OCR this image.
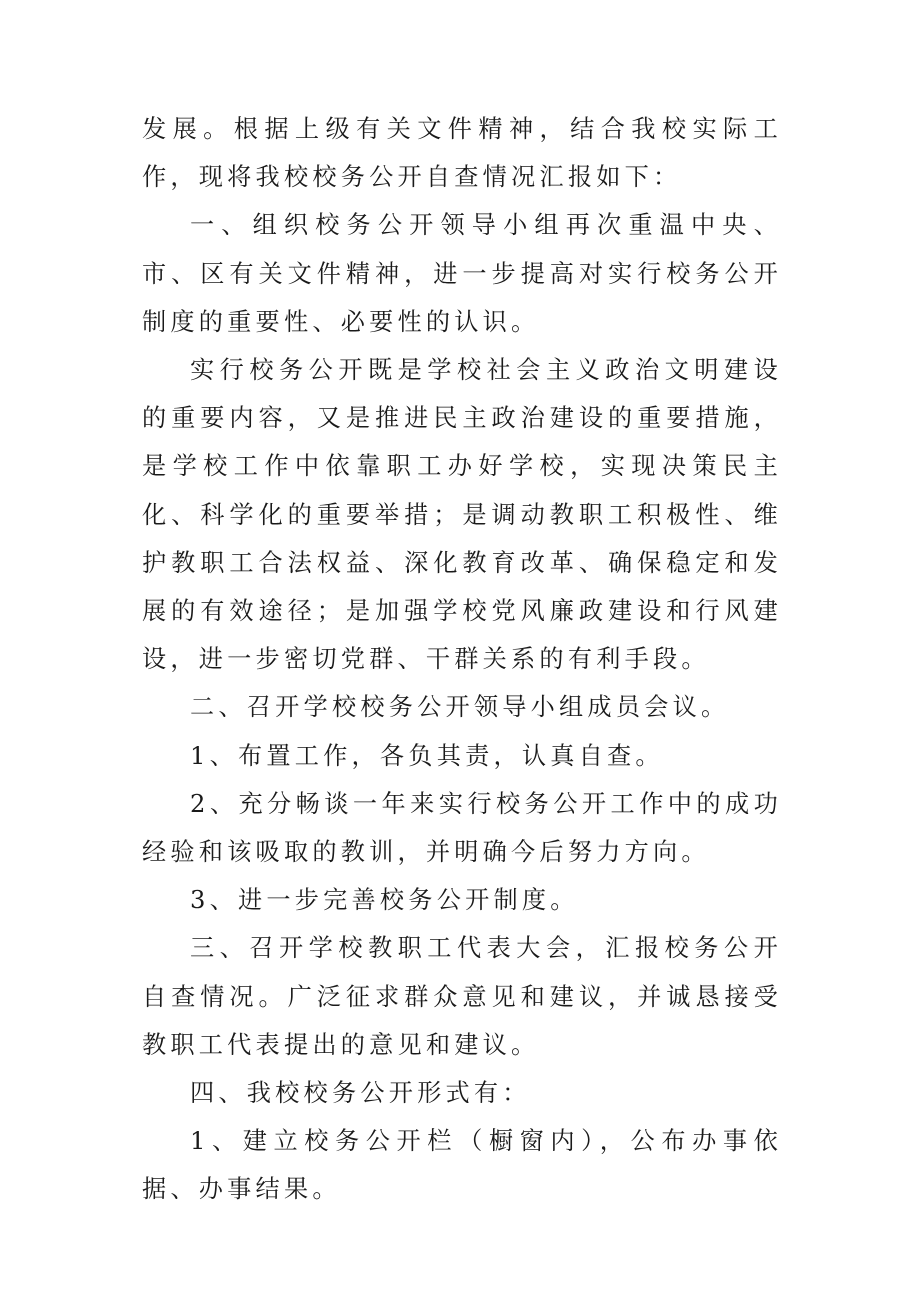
发展。根据上级有关文件精神，结合我校实际工作，现将我校校务公开自查情况汇报如下：

一、组织校务公开领导小组再次重温中央、市、区有关文件精神，进一步提高对实行校务公开制度的重要性、必要性的认识。

实行校务公开既是学校社会主义政治文明建设的重要内容，又是推进民主政治建设的重要措施，是学校工作中依靠职工办好学校，实现决策民主化、科学化的重要举措；是调动教职工积极性、维护教职工合法权益、深化教育改革、确保稳定和发展的有效途径；是加强学校党风廉政建设和行风建设，进一步密切党群、干群关系的有利手段。

二、召开学校校务公开领导小组成员会议。

1、布置工作，各负其责，认真自查。

2、充分畅谈一年来实行校务公开工作中的成功经验和该吸取的教训，并明确今后努力方向。

3、进一步完善校务公开制度。

三、召开学校教职工代表大会，汇报校务公开自查情况。广泛征求群众意见和建议，并诚恳接受教职工代表提出的意见和建议。

四、我校校务公开形式有：

1、建立校务公开栏（橱窗内），公布办事依据、办事结果。
